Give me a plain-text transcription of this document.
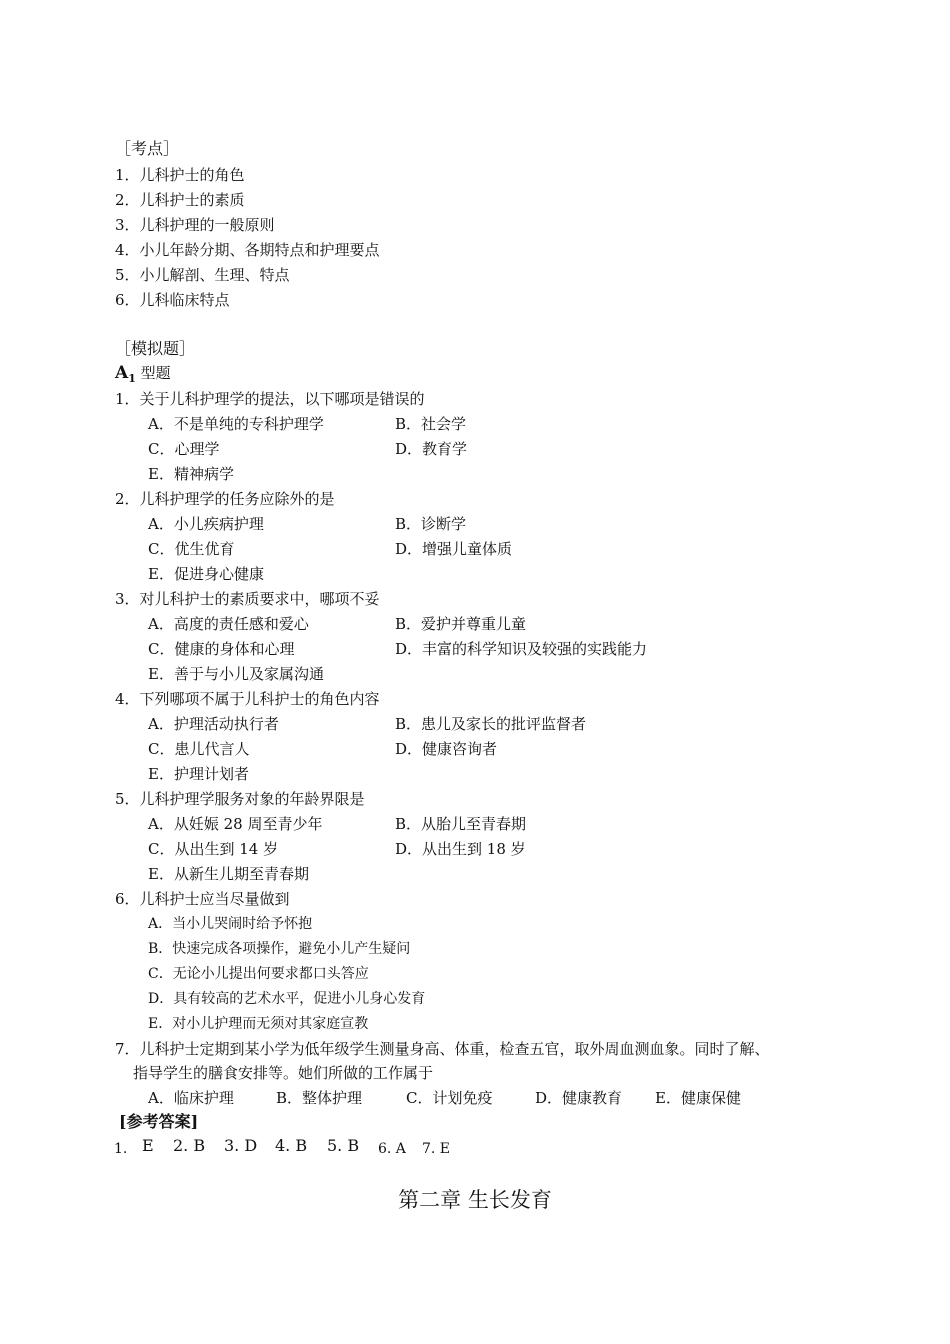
［考点］
1．儿科护士的角色
2．儿科护士的素质
3．儿科护理的一般原则
4．小儿年龄分期、各期特点和护理要点
5．小儿解剖、生理、特点
6．儿科临床特点
［模拟题］
$A_1$ 型题
1．关于儿科护理学的提法，以下哪项是错误的
A．不是单纯的专科护理学	B．社会学
C．心理学	D．教育学
E．精神病学
2．儿科护理学的任务应除外的是
A．小儿疾病护理	B．诊断学
C．优生优育	D．增强儿童体质
E．促进身心健康
3．对儿科护士的素质要求中，哪项不妥
A．高度的责任感和爱心	B．爱护并尊重儿童
C．健康的身体和心理	D．丰富的科学知识及较强的实践能力
E．善于与小儿及家属沟通
4．下列哪项不属于儿科护士的角色内容
A．护理活动执行者	B．患儿及家长的批评监督者
C．患儿代言人	D．健康咨询者
E．护理计划者
5．儿科护理学服务对象的年龄界限是
A．从妊娠 28 周至青少年	B．从胎儿至青春期
C．从出生到 14 岁	D．从出生到 18 岁
E．从新生儿期至青春期
6．儿科护士应当尽量做到
A．当小儿哭闹时给予怀抱
B．快速完成各项操作，避免小儿产生疑问
C．无论小儿提出何要求都口头答应
D．具有较高的艺术水平，促进小儿身心发育
E．对小儿护理而无须对其家庭宣教
7．儿科护士定期到某小学为低年级学生测量身高、体重，检查五官，取外周血测血象。同时了解、
指导学生的膳食安排等。她们所做的工作属于
A．临床护理	B．整体护理	C．计划免疫	D．健康教育 E．健康保健
[参考答案]
1. E 2. B 3. D 4. B 5. B 6. A 7. E
第二章 生长发育
